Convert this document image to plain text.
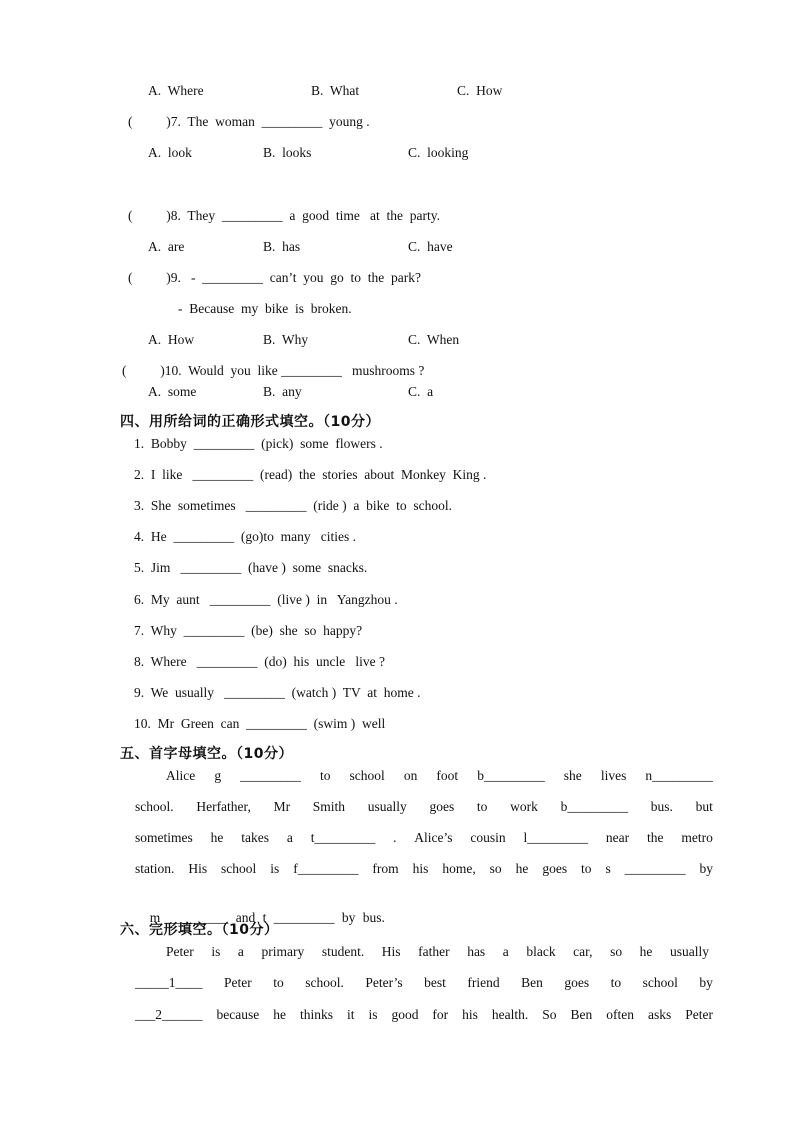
A.  Where	B.  What	C.  How
(          )7.  The  woman  _________  young .
A.  look	B.  looks	C.  looking
(          )8.  They  _________  a  good  time   at  the  party.
A.  are	B.  has	C.  have
(          )9.   -  _________  can’t  you  go  to  the  park?
-  Because  my  bike  is  broken.
A.  How	B.  Why	C.  When
(          )10.  Would  you  like _________   mushrooms ?
A.  some	B.  any	C.  a
四、用所给词的正确形式填空。（10分）
1.  Bobby  _________  (pick)  some  flowers .
2.  I  like   _________  (read)  the  stories  about  Monkey  King .
3.  She  sometimes   _________  (ride )  a  bike  to  school.
4.  He  _________  (go)to  many   cities .
5.  Jim   _________  (have )  some  snacks.
6.  My  aunt   _________  (live )  in   Yangzhou .
7.  Why  _________  (be)  she  so  happy?
8.  Where   _________  (do)  his  uncle   live ?
9.  We  usually   _________  (watch )  TV  at  home .
10.  Mr  Green  can  _________  (swim )  well
五、首字母填空。（10分）
Alice g _________ to school on foot b_________ she lives n_________
school. Herfather, Mr Smith usually goes to work b_________ bus. but
sometimes he takes a t_________ . Alice’s cousin l_________ near the metro
station. His school is f_________ from his home, so he goes to s _________ by

m _________ and t _________ by bus.

六、完形填空。（10分）
Peter is a primary student. His father has a black car, so he usually
_____1____ Peter to school. Peter’s best friend Ben goes to school by
___2______ because he thinks it is good for his health. So Ben often asks Peter
